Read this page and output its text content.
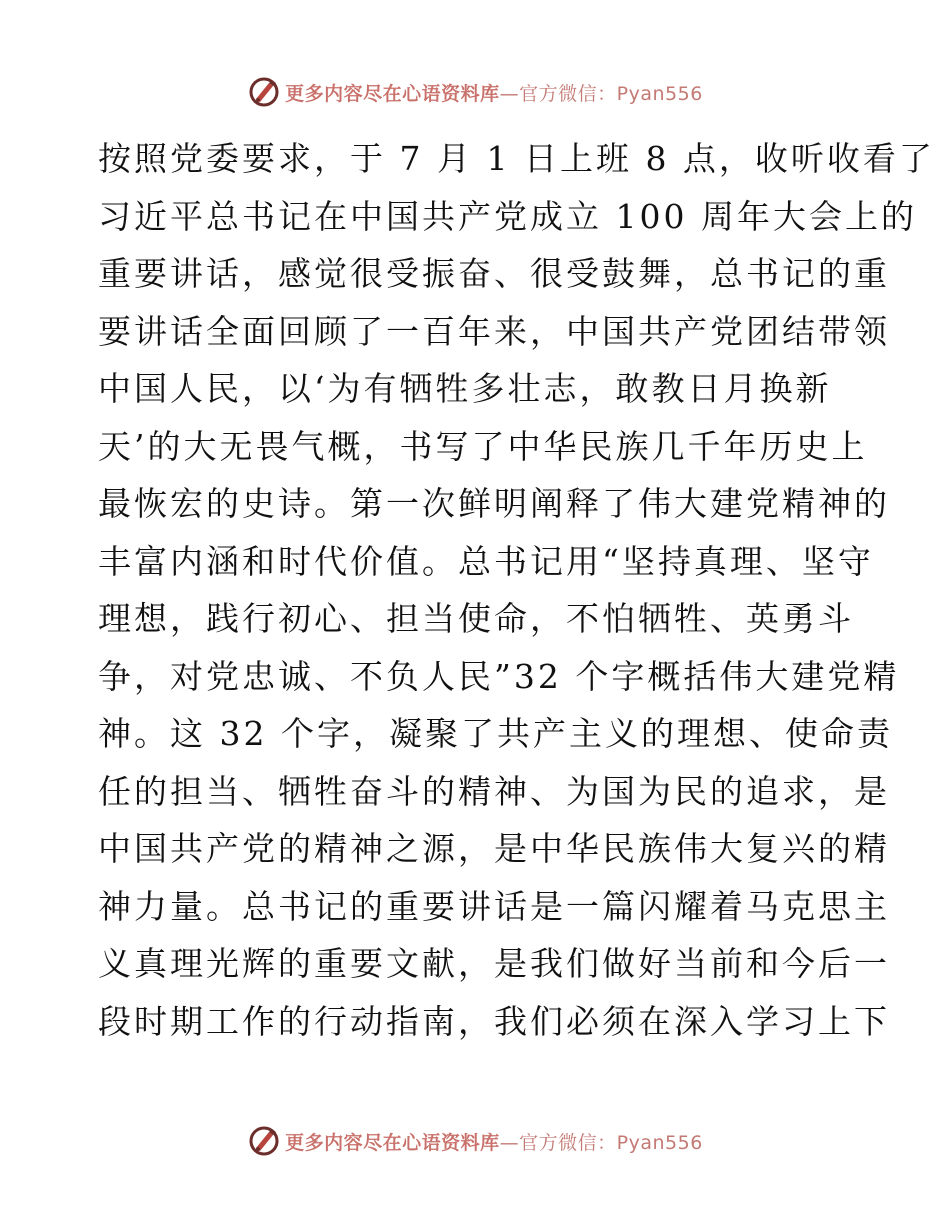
更多内容尽在心语资料库—官方微信：Pyan556
按照党委要求，于 7 月 1 日上班 8 点，收听收看了
习近平总书记在中国共产党成立 100 周年大会上的
重要讲话，感觉很受振奋、很受鼓舞，总书记的重
要讲话全面回顾了一百年来，中国共产党团结带领
中国人民，以‘为有牺牲多壮志，敢教日月换新
天’的大无畏气概，书写了中华民族几千年历史上
最恢宏的史诗。第一次鲜明阐释了伟大建党精神的
丰富内涵和时代价值。总书记用“坚持真理、坚守
理想，践行初心、担当使命，不怕牺牲、英勇斗
争，对党忠诚、不负人民”32 个字概括伟大建党精
神。这 32 个字，凝聚了共产主义的理想、使命责
任的担当、牺牲奋斗的精神、为国为民的追求，是
中国共产党的精神之源，是中华民族伟大复兴的精
神力量。总书记的重要讲话是一篇闪耀着马克思主
义真理光辉的重要文献，是我们做好当前和今后一
段时期工作的行动指南，我们必须在深入学习上下
更多内容尽在心语资料库—官方微信：Pyan556
